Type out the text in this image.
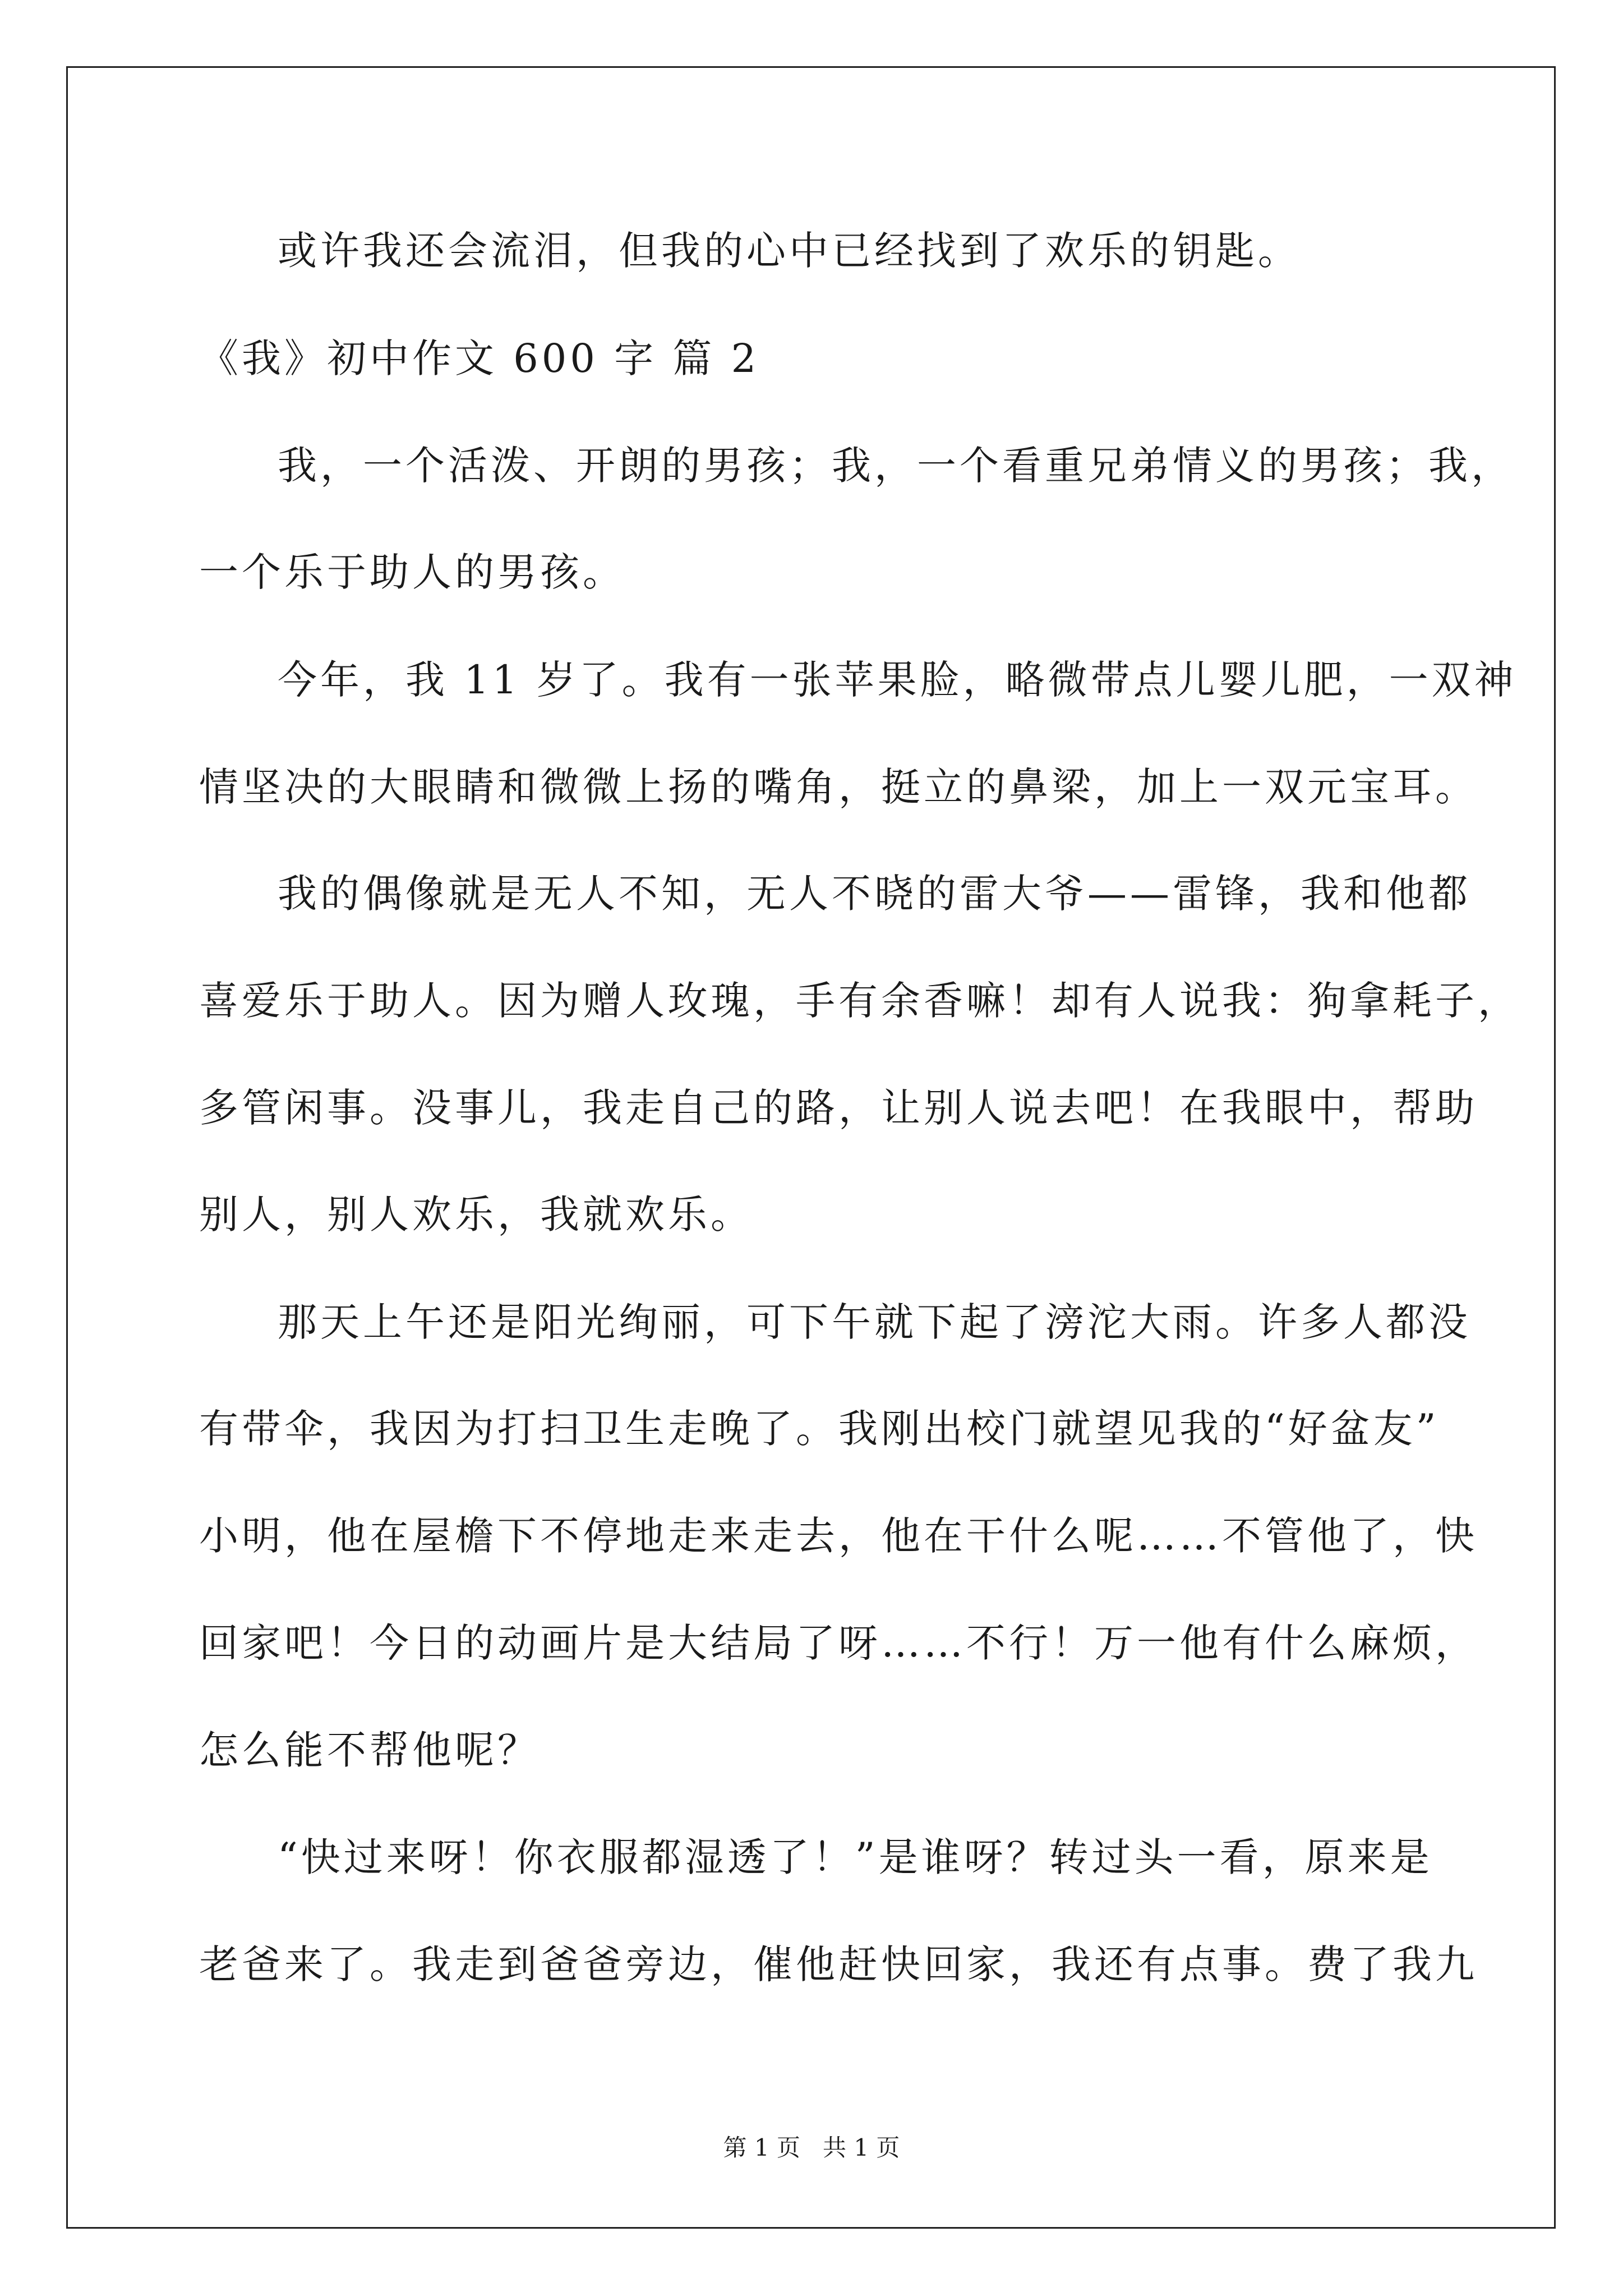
或许我还会流泪，但我的心中已经找到了欢乐的钥匙。
《我》初中作文 600 字 篇 2
我，一个活泼、开朗的男孩；我，一个看重兄弟情义的男孩；我，
一个乐于助人的男孩。
今年，我 11 岁了。我有一张苹果脸，略微带点儿婴儿肥，一双神
情坚决的大眼睛和微微上扬的嘴角，挺立的鼻梁，加上一双元宝耳。
我的偶像就是无人不知，无人不晓的雷大爷——雷锋，我和他都
喜爱乐于助人。因为赠人玫瑰，手有余香嘛！却有人说我：狗拿耗子，
多管闲事。没事儿，我走自己的路，让别人说去吧！在我眼中，帮助
别人，别人欢乐，我就欢乐。
那天上午还是阳光绚丽，可下午就下起了滂沱大雨。许多人都没
有带伞，我因为打扫卫生走晚了。我刚出校门就望见我的“好盆友”
小明，他在屋檐下不停地走来走去，他在干什么呢……不管他了，快
回家吧！今日的动画片是大结局了呀……不行！万一他有什么麻烦，
怎么能不帮他呢？
“快过来呀！你衣服都湿透了！”是谁呀？转过头一看，原来是
老爸来了。我走到爸爸旁边，催他赶快回家，我还有点事。费了我九
第 1 页 共 1 页
